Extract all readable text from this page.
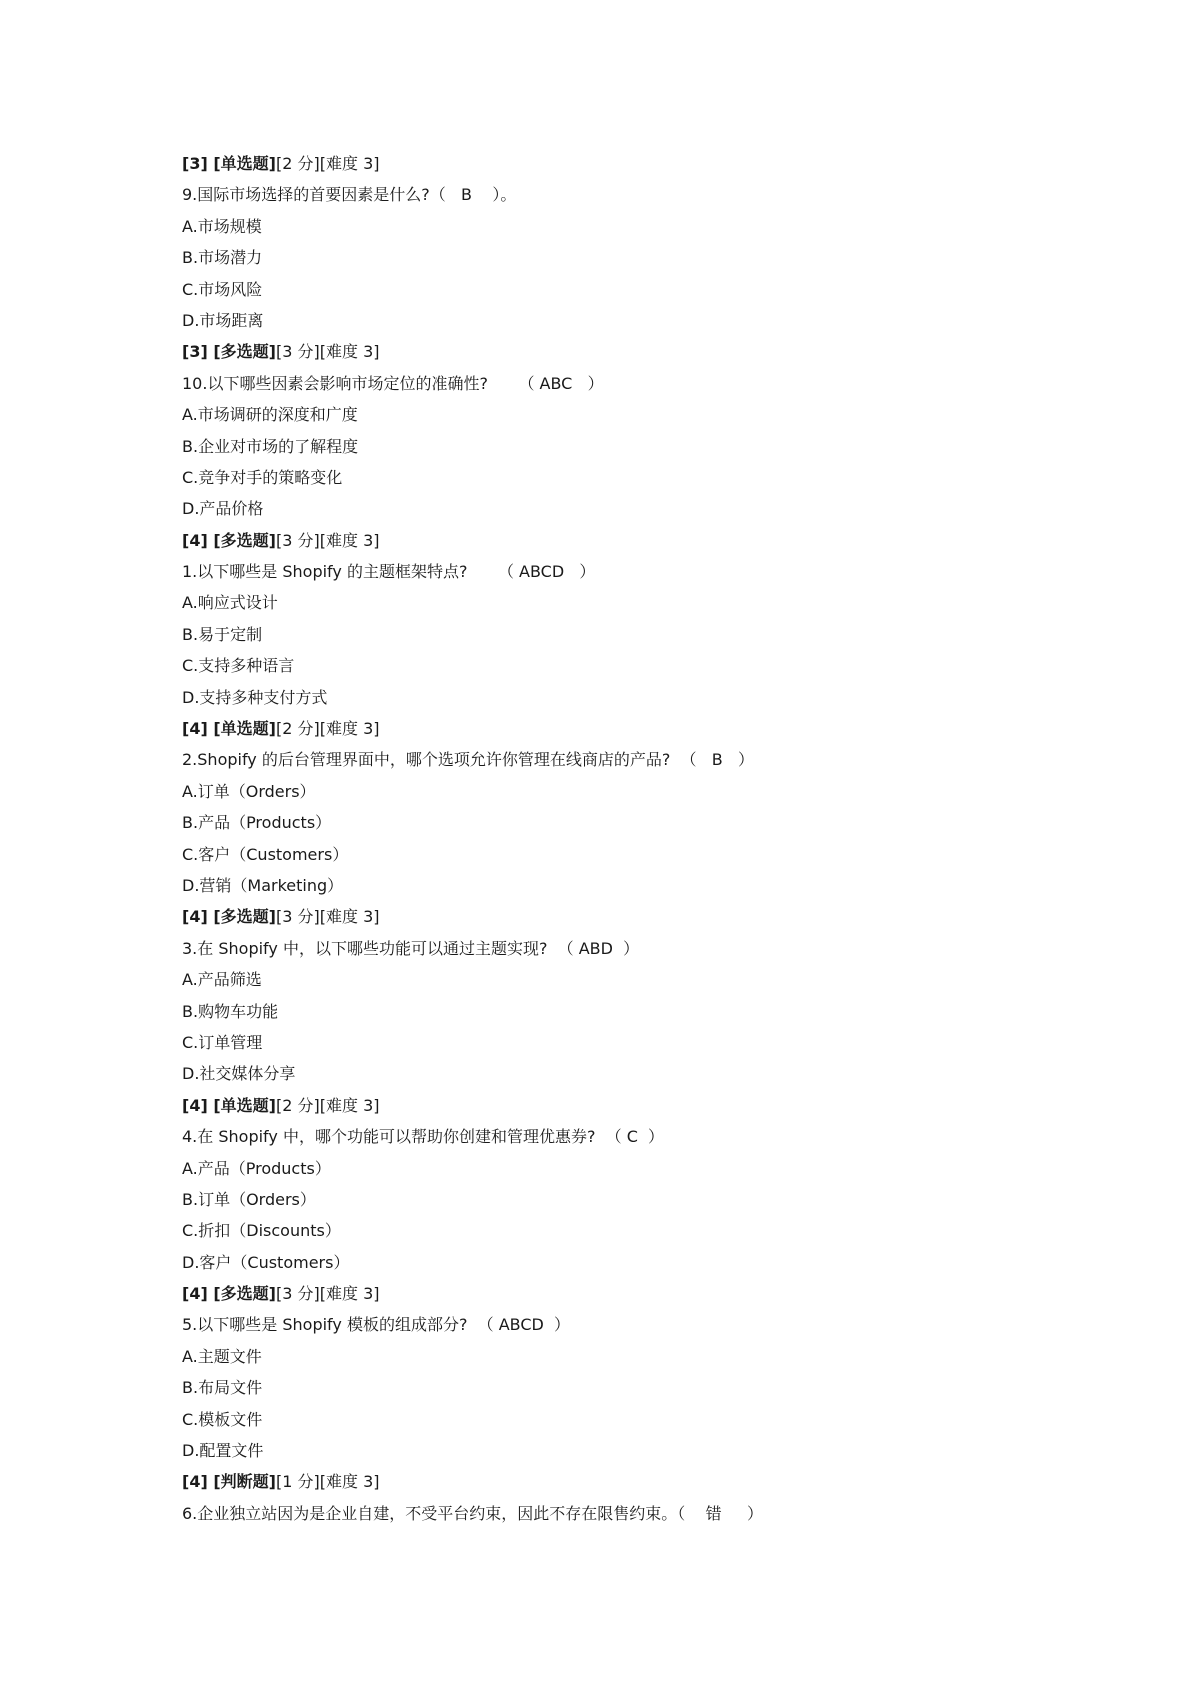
[3] [单选题][2 分][难度 3]
9.国际市场选择的首要因素是什么?（   B    ）。
A.市场规模
B.市场潜力
C.市场风险
D.市场距离
[3] [多选题][3 分][难度 3]
10.以下哪些因素会影响市场定位的准确性?      （ ABC   ）
A.市场调研的深度和广度
B.企业对市场的了解程度
C.竞争对手的策略变化
D.产品价格
[4] [多选题][3 分][难度 3]
1.以下哪些是 Shopify 的主题框架特点?      （ ABCD   ）
A.响应式设计
B.易于定制
C.支持多种语言
D.支持多种支付方式
[4] [单选题][2 分][难度 3]
2.Shopify 的后台管理界面中，哪个选项允许你管理在线商店的产品?  （   B   ）
A.订单（Orders）
B.产品（Products）
C.客户（Customers）
D.营销（Marketing）
[4] [多选题][3 分][难度 3]
3.在 Shopify 中，以下哪些功能可以通过主题实现?  （ ABD  ）
A.产品筛选
B.购物车功能
C.订单管理
D.社交媒体分享
[4] [单选题][2 分][难度 3]
4.在 Shopify 中，哪个功能可以帮助你创建和管理优惠券?  （ C  ）
A.产品（Products）
B.订单（Orders）
C.折扣（Discounts）
D.客户（Customers）
[4] [多选题][3 分][难度 3]
5.以下哪些是 Shopify 模板的组成部分?  （ ABCD  ）
A.主题文件
B.布局文件
C.模板文件
D.配置文件
[4] [判断题][1 分][难度 3]
6.企业独立站因为是企业自建，不受平台约束，因此不存在限售约束。（    错     ）
